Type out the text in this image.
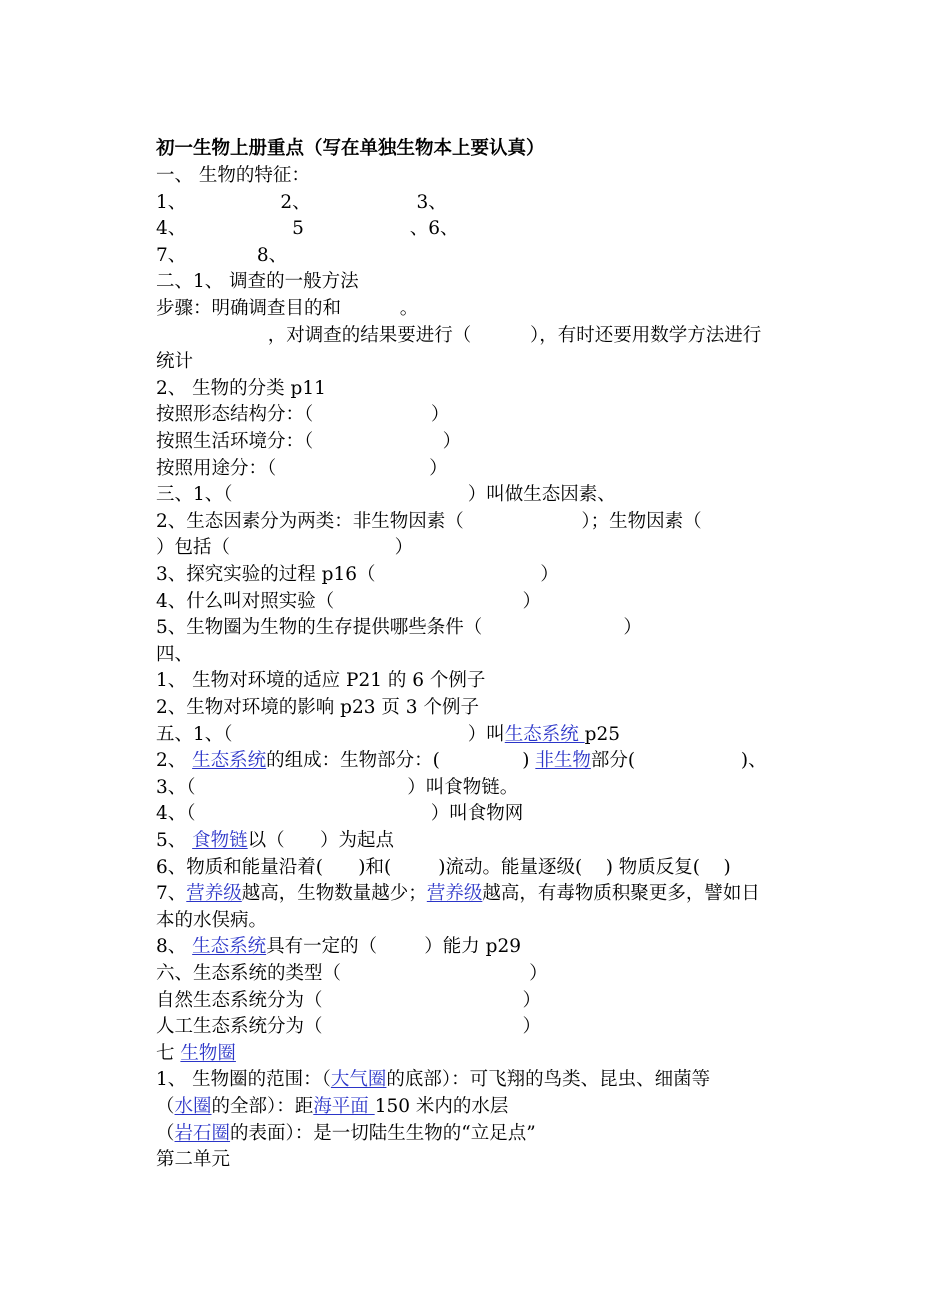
初一生物上册重点（写在单独生物本上要认真）
一、 生物的特征：
1、                2、                  3、
4、                  5                  、6、
7、            8、
二、1、 调查的一般方法
步骤：明确调查目的和          。
，对调查的结果要进行（          ），有时还要用数学方法进行
统计
2、 生物的分类 p11
按照形态结构分：（                    ）
按照生活环境分：（                      ）
按照用途分：（                          ）
三、1、（                                        ）叫做生态因素、
2、生态因素分为两类：非生物因素（                    ）；生物因素（
）包括（                            ）
3、探究实验的过程 p16（                            ）
4、什么叫对照实验（                                ）
5、生物圈为生物的生存提供哪些条件（                        ）
四、
1、 生物对环境的适应 P21 的 6 个例子
2、生物对环境的影响 p23 页 3 个例子
五、1、（                                        ）叫生态系统 p25
2、 生态系统的组成：生物部分：(              ) 非生物部分(                  )、
3、（                                    ）叫食物链。
4、（                                        ）叫食物网
5、 食物链以（      ）为起点
6、物质和能量沿着(      )和(        )流动。能量逐级(    ) 物质反复(    )
7、营养级越高，生物数量越少；营养级越高，有毒物质积聚更多，譬如日
本的水俣病。
8、 生态系统具有一定的（        ）能力 p29
六、生态系统的类型（                                ）
自然生态系统分为（                                  ）
人工生态系统分为（                                  ）
七 生物圈
1、 生物圈的范围：（大气圈的底部）：可飞翔的鸟类、昆虫、细菌等
（水圈的全部）：距海平面 150 米内的水层
（岩石圈的表面）：是一切陆生生物的“立足点”
第二单元
